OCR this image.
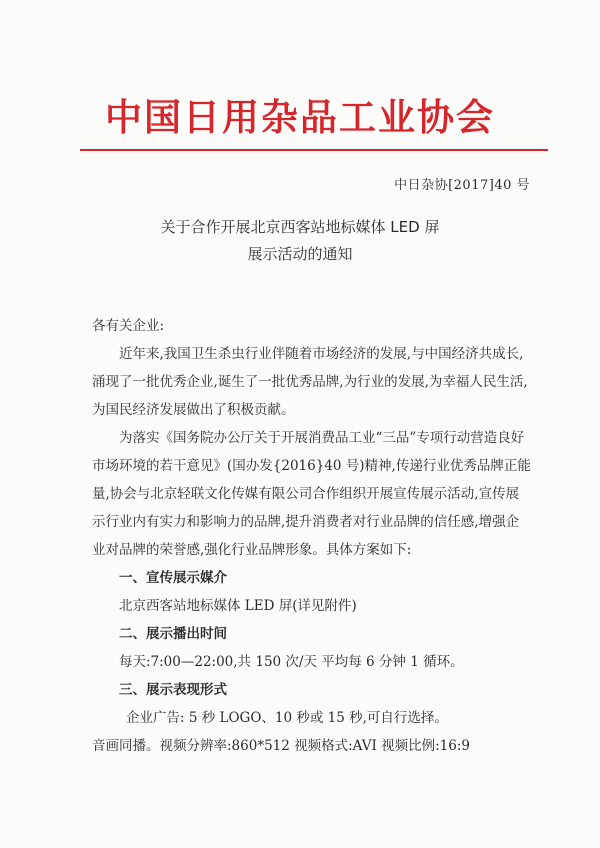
中国日用杂品工业协会
中日杂协[2017]40 号
关于合作开展北京西客站地标媒体 LED 屏
展示活动的通知

各有关企业:

近年来,我国卫生杀虫行业伴随着市场经济的发展,与中国经济共成长,涌现了一批优秀企业,诞生了一批优秀品牌,为行业的发展,为幸福人民生活,为国民经济发展做出了积极贡献。

为落实《国务院办公厅关于开展消费品工业“三品”专项行动营造良好市场环境的若干意见》(国办发{2016}40 号)精神,传递行业优秀品牌正能量,协会与北京轻联文化传媒有限公司合作组织开展宣传展示活动,宣传展示行业内有实力和影响力的品牌,提升消费者对行业品牌的信任感,增强企业对品牌的荣誉感,强化行业品牌形象。具体方案如下:

一、宣传展示媒介

北京西客站地标媒体 LED 屏(详见附件)

二、展示播出时间

每天:7:00—22:00,共 150 次/天 平均每 6 分钟 1 循环。

三、展示表现形式

企业广告: 5 秒 LOGO、10 秒或 15 秒,可自行选择。

音画同播。视频分辨率:860*512 视频格式:AVI 视频比例:16:9
